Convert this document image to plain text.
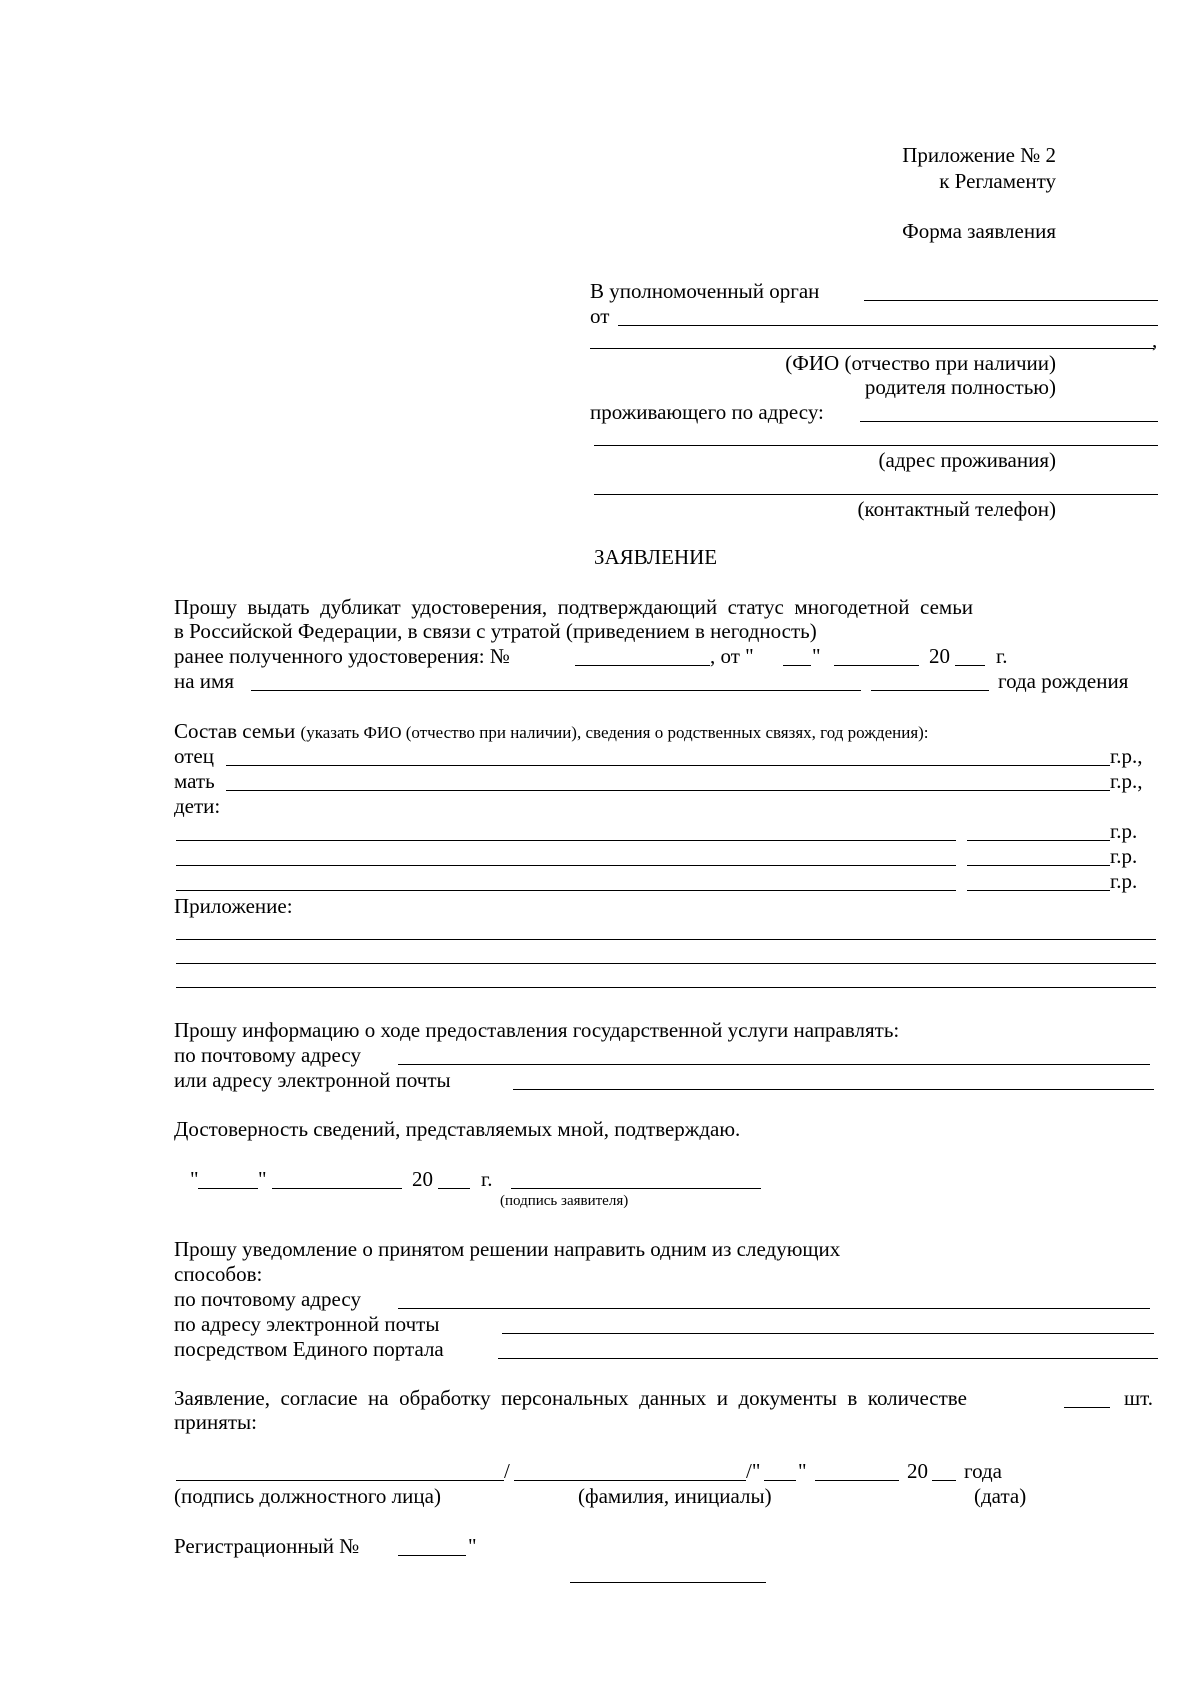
Приложение № 2
к Регламенту
Форма заявления
В уполномоченный орган
от
,
(ФИО (отчество при наличии)
родителя полностью)
проживающего по адресу:
(адрес проживания)
(контактный телефон)
ЗАЯВЛЕНИЕ
Прошу  выдать  дубликат  удостоверения,  подтверждающий  статус  многодетной  семьи
в Российской Федерации, в связи с утратой (приведением в негодность)
ранее полученного удостоверения: №	, от "	"	20 г.
на имя	года рождения
Состав семьи (указать ФИО (отчество при наличии), сведения о родственных связях, год рождения):
отец	г.р.,
мать	г.р.,
дети:
г.р.
г.р.
г.р.
Приложение:
Прошу информацию о ходе предоставления государственной услуги направлять:
по почтовому адресу
или адресу электронной почты
Достоверность сведений, представляемых мной, подтверждаю.
"	"	20 г.
(подпись заявителя)
Прошу уведомление о принятом решении направить одним из следующих
способов:
по почтовому адресу
по адресу электронной почты
посредством Единого портала
Заявление,  согласие  на  обработку  персональных  данных  и  документы  в  количестве	шт.
приняты:
/	/" "	20 года
(подпись должностного лица)	(фамилия, инициалы)	(дата)
Регистрационный №	"
